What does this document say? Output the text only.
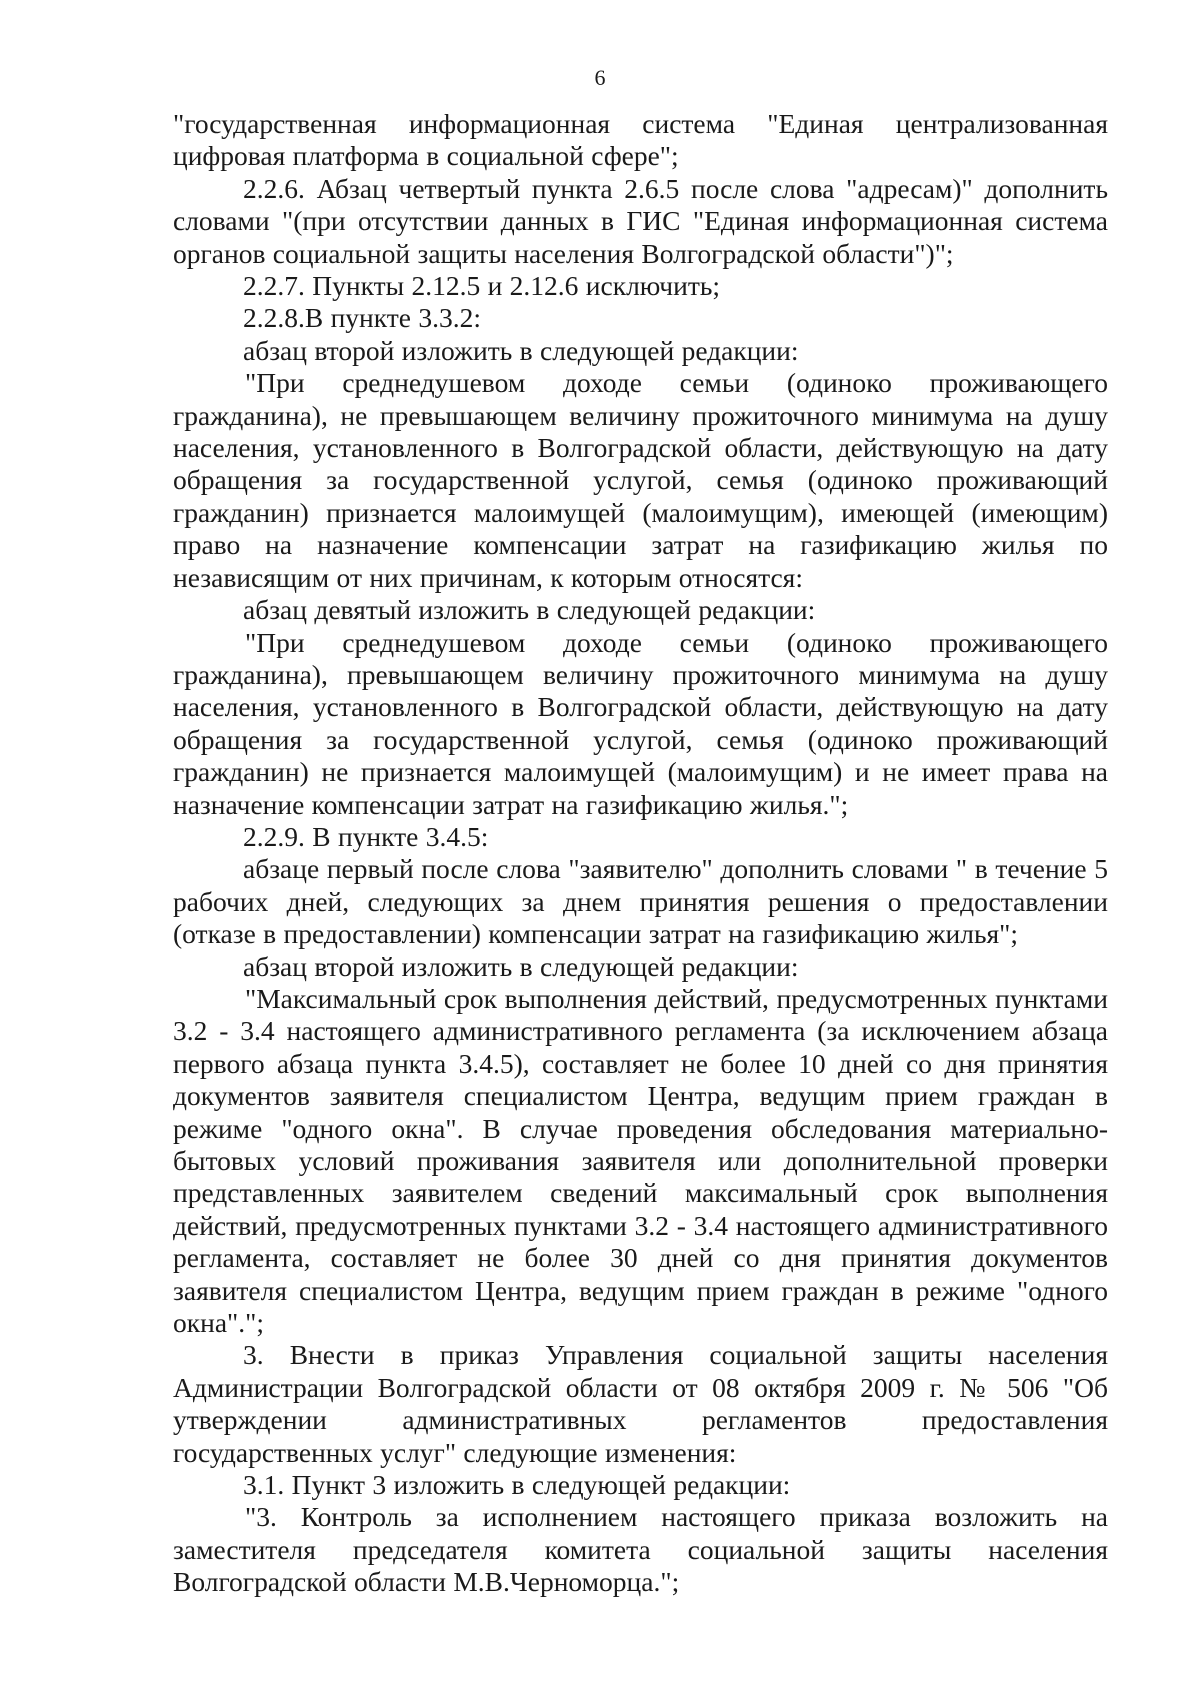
6

"государственная информационная система "Единая централизованная цифровая платформа в социальной сфере";

2.2.6. Абзац четвертый пункта 2.6.5 после слова "адресам)" дополнить словами "(при отсутствии данных в ГИС "Единая информационная система органов социальной защиты населения Волгоградской области")";

2.2.7. Пункты 2.12.5 и 2.12.6 исключить;

2.2.8.В пункте 3.3.2:

абзац второй изложить в следующей редакции:

"При среднедушевом доходе семьи (одиноко проживающего гражданина), не превышающем величину прожиточного минимума на душу населения, установленного в Волгоградской области, действующую на дату обращения за государственной услугой, семья (одиноко проживающий гражданин) признается малоимущей (малоимущим), имеющей (имеющим) право на назначение компенсации затрат на газификацию жилья по независящим от них причинам, к которым относятся:

абзац девятый изложить в следующей редакции:

"При среднедушевом доходе семьи (одиноко проживающего гражданина), превышающем величину прожиточного минимума на душу населения, установленного в Волгоградской области, действующую на дату обращения за государственной услугой, семья (одиноко проживающий гражданин) не признается малоимущей (малоимущим) и не имеет права на назначение компенсации затрат на газификацию жилья.";

2.2.9. В пункте 3.4.5:

абзаце первый после слова "заявителю" дополнить словами " в течение 5 рабочих дней, следующих за днем принятия решения о предоставлении (отказе в предоставлении) компенсации затрат на газификацию жилья";

абзац второй изложить в следующей редакции:

"Максимальный срок выполнения действий, предусмотренных пунктами 3.2 - 3.4 настоящего административного регламента (за исключением абзаца первого абзаца пункта 3.4.5), составляет не более 10 дней со дня принятия документов заявителя специалистом Центра, ведущим прием граждан в режиме "одного окна". В случае проведения обследования материально-бытовых условий проживания заявителя или дополнительной проверки представленных заявителем сведений максимальный срок выполнения действий, предусмотренных пунктами 3.2 - 3.4 настоящего административного регламента, составляет не более 30 дней со дня принятия документов заявителя специалистом Центра, ведущим прием граждан в режиме "одного окна".";

3. Внести в приказ Управления социальной защиты населения Администрации Волгоградской области от 08 октября 2009 г. № 506 "Об утверждении административных регламентов предоставления государственных услуг" следующие изменения:

3.1. Пункт 3 изложить в следующей редакции:

"3. Контроль за исполнением настоящего приказа возложить на заместителя председателя комитета социальной защиты населения Волгоградской области М.В.Черноморца.";
